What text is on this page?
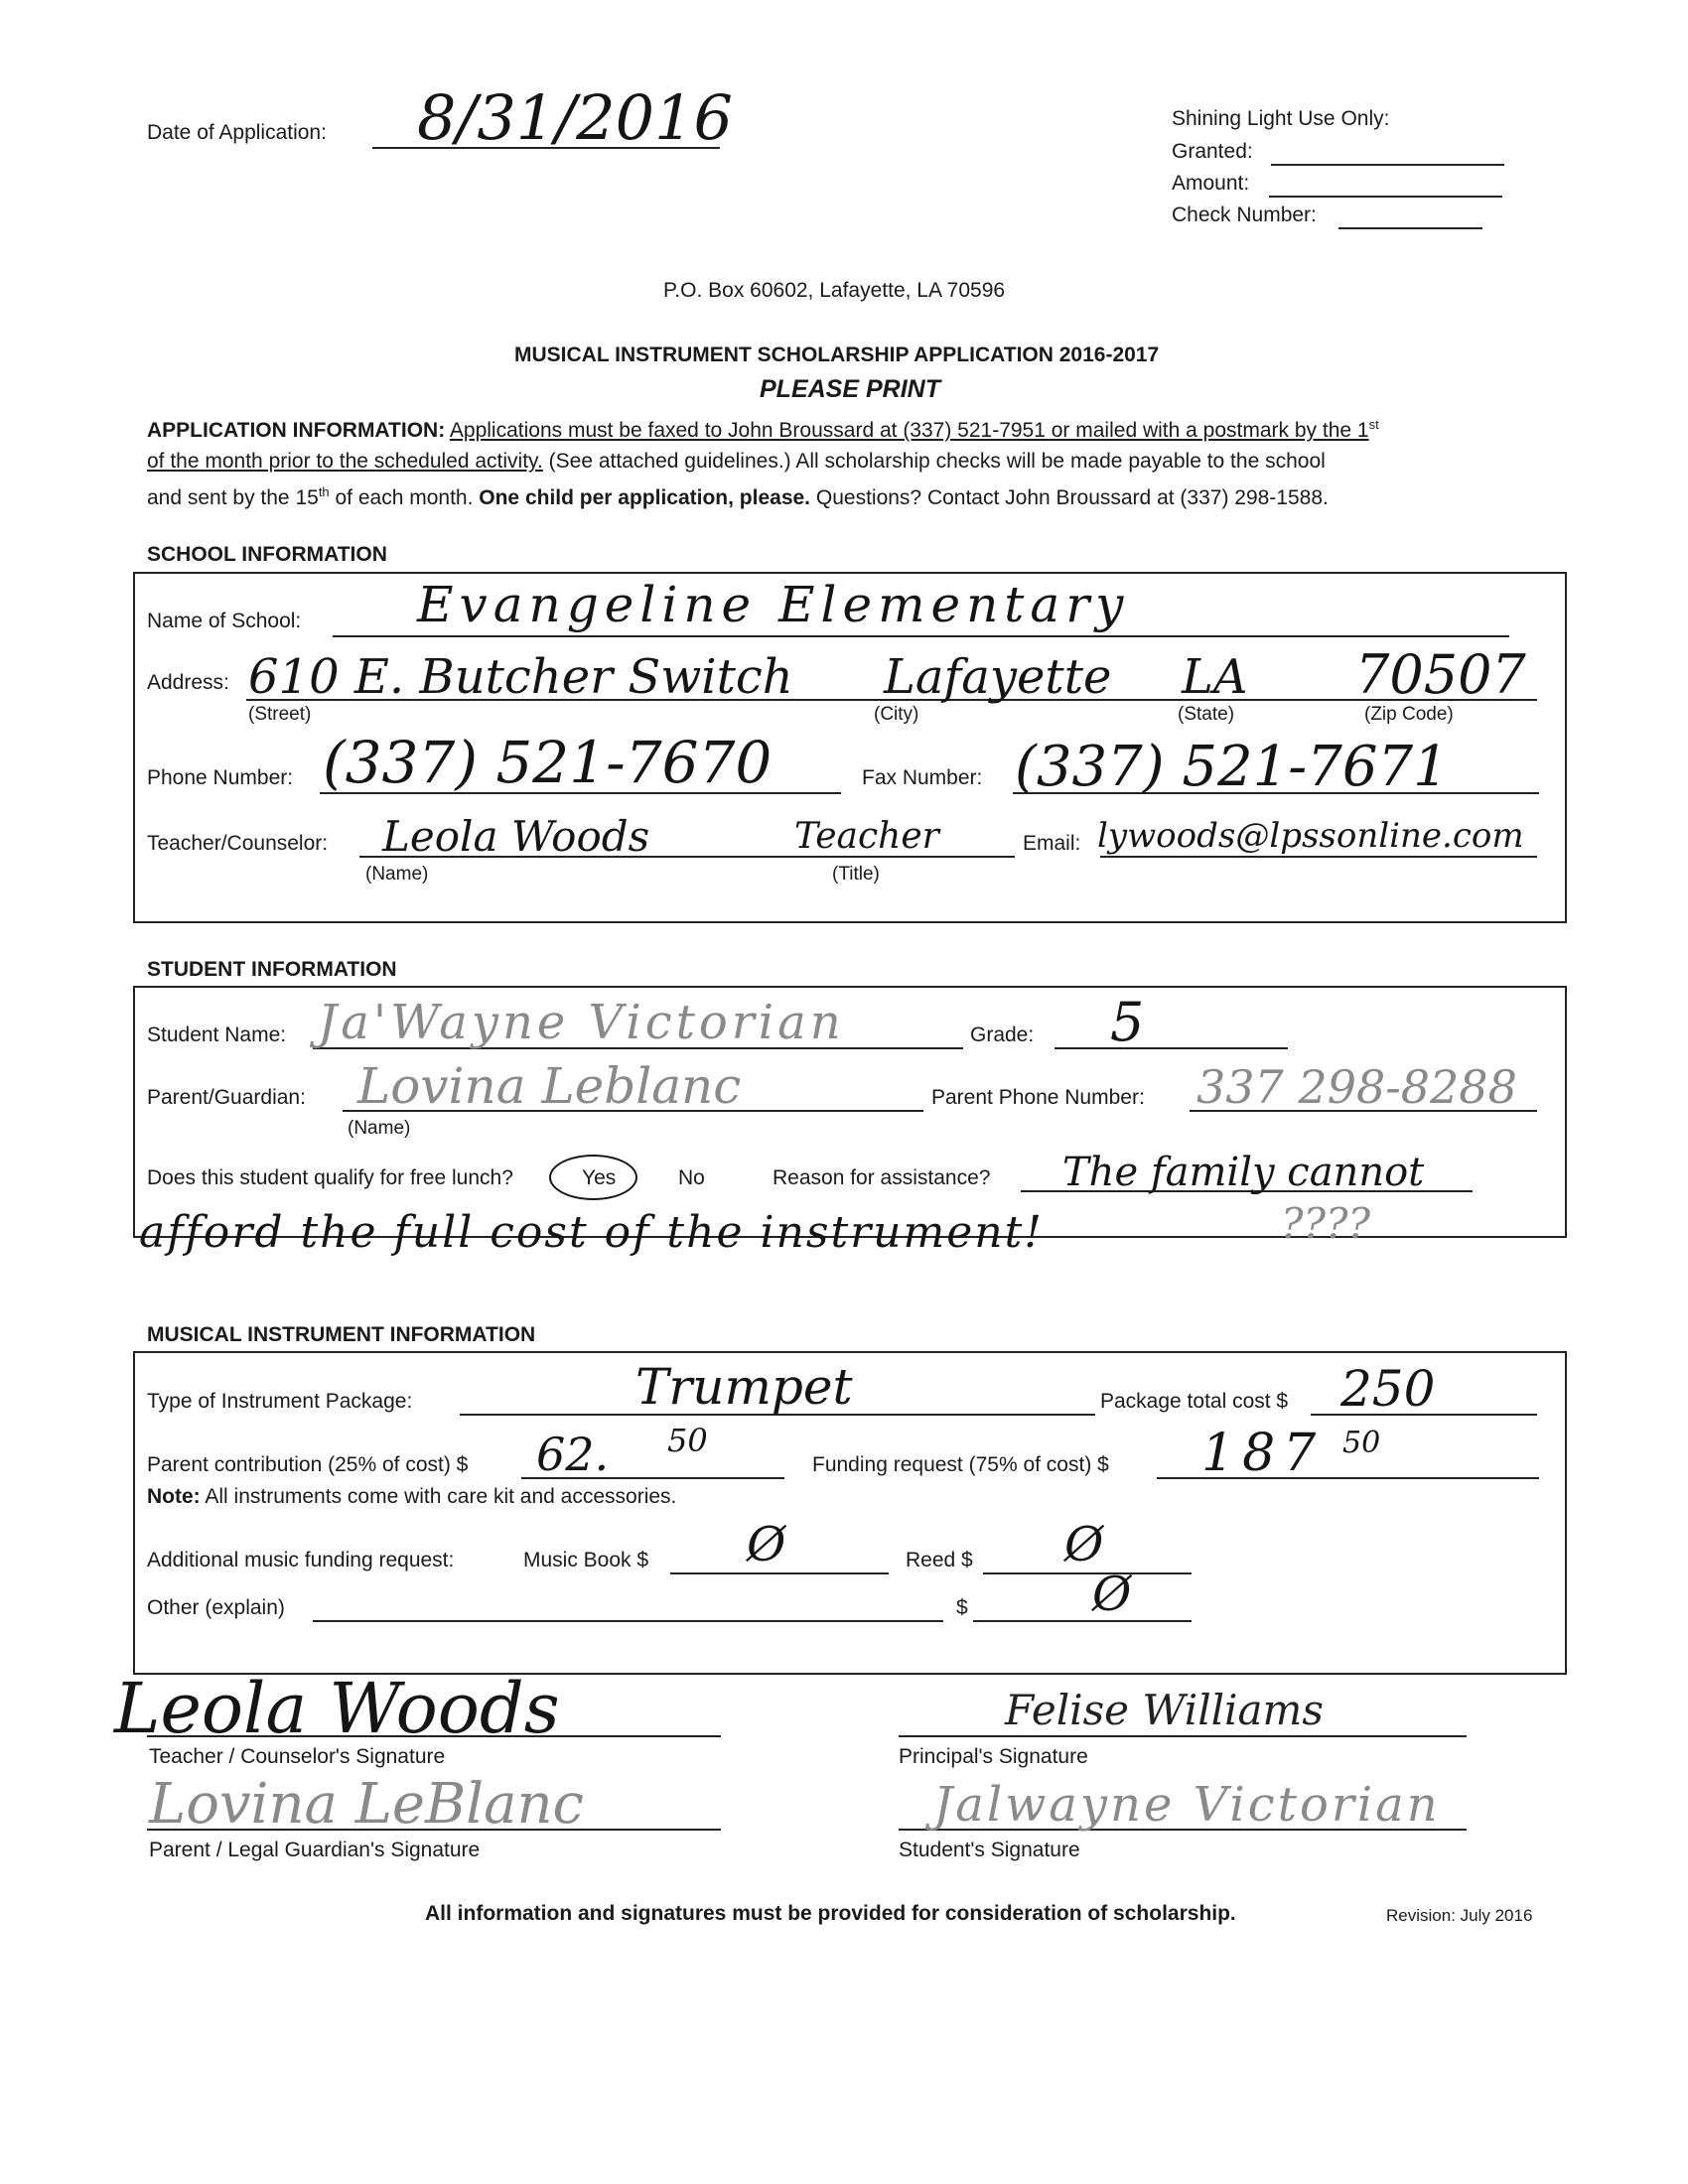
Date of Application: 8/31/2016	Shining Light Use Only:
Granted:
Amount:
Check Number:
P.O. Box 60602, Lafayette, LA 70596
MUSICAL INSTRUMENT SCHOLARSHIP APPLICATION 2016-2017
PLEASE PRINT
APPLICATION INFORMATION: Applications must be faxed to John Broussard at (337) 521-7951 or mailed with a postmark by the 1st
of the month prior to the scheduled activity. (See attached guidelines.) All scholarship checks will be made payable to the school
and sent by the 15th of each month. One child per application, please. Questions? Contact John Broussard at (337) 298-1588.
SCHOOL INFORMATION
Name of School: Evangeline Elementary
Address: 610 E. Butcher Switch Lafayette LA 70507
(Street)	(City)	(State)	(Zip Code)
Phone Number: (337) 521-7670	Fax Number: (337) 521-7671
Teacher/Counselor: Leola Woods	Teacher	Email: lywoods@lpssonline.com
(Name)	(Title)
STUDENT INFORMATION
Student Name: Ja'Wayne Victorian	Grade: 5
Parent/Guardian: Lovina Leblanc
(Name)
Parent Phone Number: 337 298-8288
Does this student qualify for free lunch?	Yes	No	Reason for assistance? The family cannot
afford the full cost of the instrument!	????
MUSICAL INSTRUMENT INFORMATION
Type of Instrument Package:	Trumpet	Package total cost $ 250
Parent contribution (25% of cost) $ 62. 50
Funding request (75% of cost) $ 187 50
Note: All instruments come with care kit and accessories.
Additional music funding request:	Music Book $ Ø	Reed $ Ø
Other (explain)	$	Ø
Leola Woods
Teacher / Counselor's Signature
Felise Williams
Principal's Signature
Lovina LeBlanc
Parent / Legal Guardian's Signature
Jalwayne Victorian
Student's Signature
All information and signatures must be provided for consideration of scholarship.	Revision: July 2016
